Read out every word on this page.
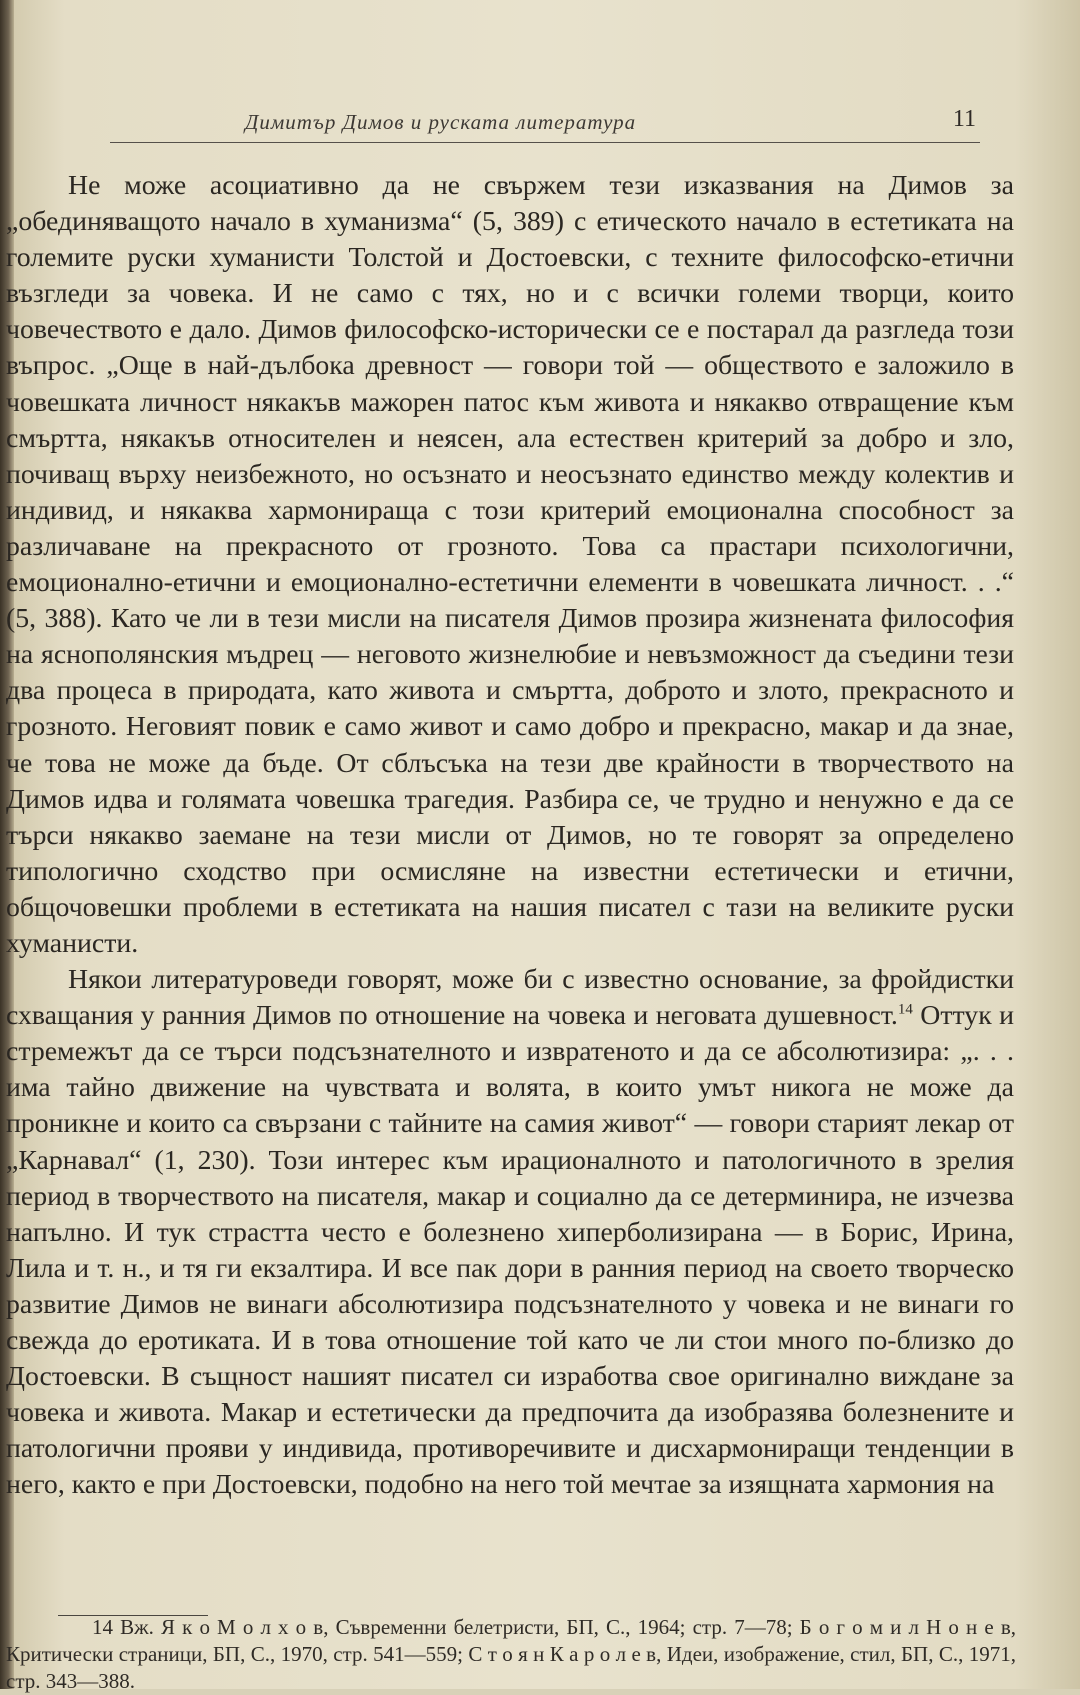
Димитър Димов и руската литература	11

Не може асоциативно да не свържем тези изказвания на Димов за „обединяващото начало в хуманизма“ (5, 389) с етическото начало в естетиката на големите руски хуманисти Толстой и Достоевски, с техните философско-етични възгледи за човека. И не само с тях, но и с всички големи творци, които човечеството е дало. Димов философско-исторически се е постарал да разгледа този въпрос. „Още в най-дълбока древност — говори той — обществото е заложило в човешката личност някакъв мажорен патос към живота и някакво отвращение към смъртта, някакъв относителен и неясен, ала естествен критерий за добро и зло, почиващ върху неизбежното, но осъзнато и неосъзнато единство между колектив и индивид, и някаква хармонираща с този критерий емоционална способност за различаване на прекрасното от грозното. Това са прастари психологични, емоционално-етични и емоционално-естетични елементи в човешката личност. . .“ (5, 388). Като че ли в тези мисли на писателя Димов прозира жизнената философия на яснополянския мъдрец — неговото жизнелюбие и невъзможност да съедини тези два процеса в природата, като живота и смъртта, доброто и злото, прекрасното и грозното. Неговият повик е само живот и само добро и прекрасно, макар и да знае, че това не може да бъде. От сблъсъка на тези две крайности в творчеството на Димов идва и голямата човешка трагедия. Разбира се, че трудно и ненужно е да се търси някакво заемане на тези мисли от Димов, но те говорят за определено типологично сходство при осмисляне на известни естетически и етични, общочовешки проблеми в естетиката на нашия писател с тази на великите руски хуманисти.

Някои литературоведи говорят, може би с известно основание, за фройдистки схващания у ранния Димов по отношение на човека и неговата душевност.$^{14}$ Оттук и стремежът да се търси подсъзнателното и извратеното и да се абсолютизира: „. . . има тайно движение на чувствата и волята, в които умът никога не може да проникне и които са свързани с тайните на самия живот“ — говори старият лекар от „Карнавал“ (1, 230). Този интерес към ирационалното и патологичното в зрелия период в творчеството на писателя, макар и социално да се детерминира, не изчезва напълно. И тук страстта често е болезнено хиперболизирана — в Борис, Ирина, Лила и т. н., и тя ги екзалтира. И все пак дори в ранния период на своето творческо развитие Димов не винаги абсолютизира подсъзнателното у човека и не винаги го свежда до еротиката. И в това отношение той като че ли стои много по-близко до Достоевски. В същност нашият писател си изработва свое оригинално виждане за човека и живота. Макар и естетически да предпочита да изобразява болезнените и патологични прояви у индивида, противоречивите и дисхармониращи тенденции в него, както е при Достоевски, подобно на него той мечтае за изящната хармония на

14 Вж. Я к о М о л х о в, Съвременни белетристи, БП, С., 1964; стр. 7—78; Б о г о м и л Н о н е в, Критически страници, БП, С., 1970, стр. 541—559; С т о я н К а р о л е в, Идеи, изображение, стил, БП, С., 1971, стр. 343—388.
